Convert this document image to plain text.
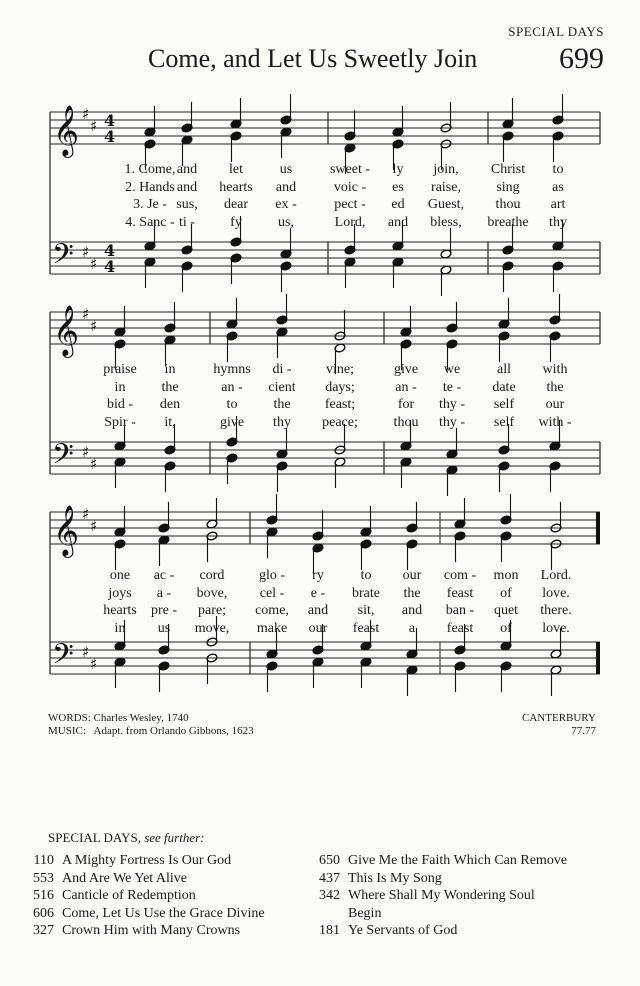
SPECIAL DAYS
Come, and Let Us Sweetly Join	699
𝄞
𝄢
♯
♯
♯
♯
4
4
4
4
𝄞
𝄢
♯
♯
♯
♯
𝄞
𝄢
♯
♯
♯
♯
1. Come, and let	us	sweet - ly join, Christ to
2. Hands and hearts and	voic - es raise,	sing as
3. Je - sus, dear ex -	pect - ed Guest, thou art
4. Sanc - ti -	fy	us,	Lord, and bless, breathe thy
praise in	hymns di - vine;	give we	all with
in	the	an - cient days;	an - te - date the
bid - den	to	the feast;	for thy - self our
Spir - it,	give thy peace;	thou thy - self with -
one ac - cord glo - ry	to our com - mon Lord.
joys a - bove, cel - e - brate the feast of love.
hearts pre - pare; come, and sit, and ban - quet there.
in us move, make our feast a feast of love.
WORDS: Charles Wesley, 1740
MUSIC:   Adapt. from Orlando Gibbons, 1623
CANTERBURY
77.77
SPECIAL DAYS, see further:
110 A Mighty Fortress Is Our God
553 And Are We Yet Alive
516 Canticle of Redemption
606 Come, Let Us Use the Grace Divine
327 Crown Him with Many Crowns
650 Give Me the Faith Which Can Remove
437 This Is My Song
342 Where Shall My Wondering Soul
Begin
181 Ye Servants of God
